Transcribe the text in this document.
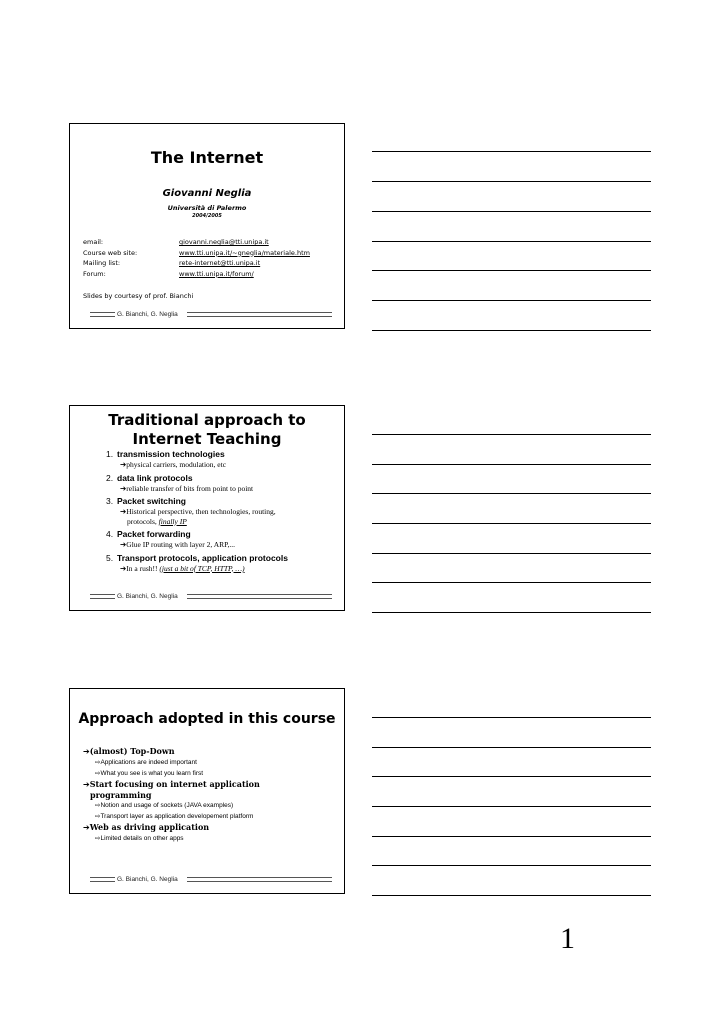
The Internet
Giovanni Neglia
Università di Palermo
2004/2005
email:	giovanni.neglia@tti.unipa.it
Course web site:	www.tti.unipa.it/~gneglia/materiale.htm
Mailing list:	rete-internet@tti.unipa.it
Forum:	www.tti.unipa.it/forum/
Slides by courtesy of prof. Bianchi
G. Bianchi, G. Neglia
Traditional approach to
Internet Teaching
1. transmission technologies
➔physical carriers, modulation, etc
2. data link protocols
➔reliable transfer of bits from point to point
3. Packet switching
➔Historical perspective, then technologies, routing,
protocols, finally IP
4. Packet forwarding
➔Glue IP routing with layer 2, ARP,...
5. Transport protocols, application protocols
➔In a rush!! (just a bit of TCP, HTTP, …)
G. Bianchi, G. Neglia
Approach adopted in this course
➔(almost) Top-Down
⇨Applications are indeed important
⇨What you see is what you learn first
➔Start focusing on internet application
programming
⇨Notion and usage of sockets (JAVA examples)
⇨Transport layer as application developement platform
➔Web as driving application
⇨Limited details on other apps
G. Bianchi, G. Neglia
1
